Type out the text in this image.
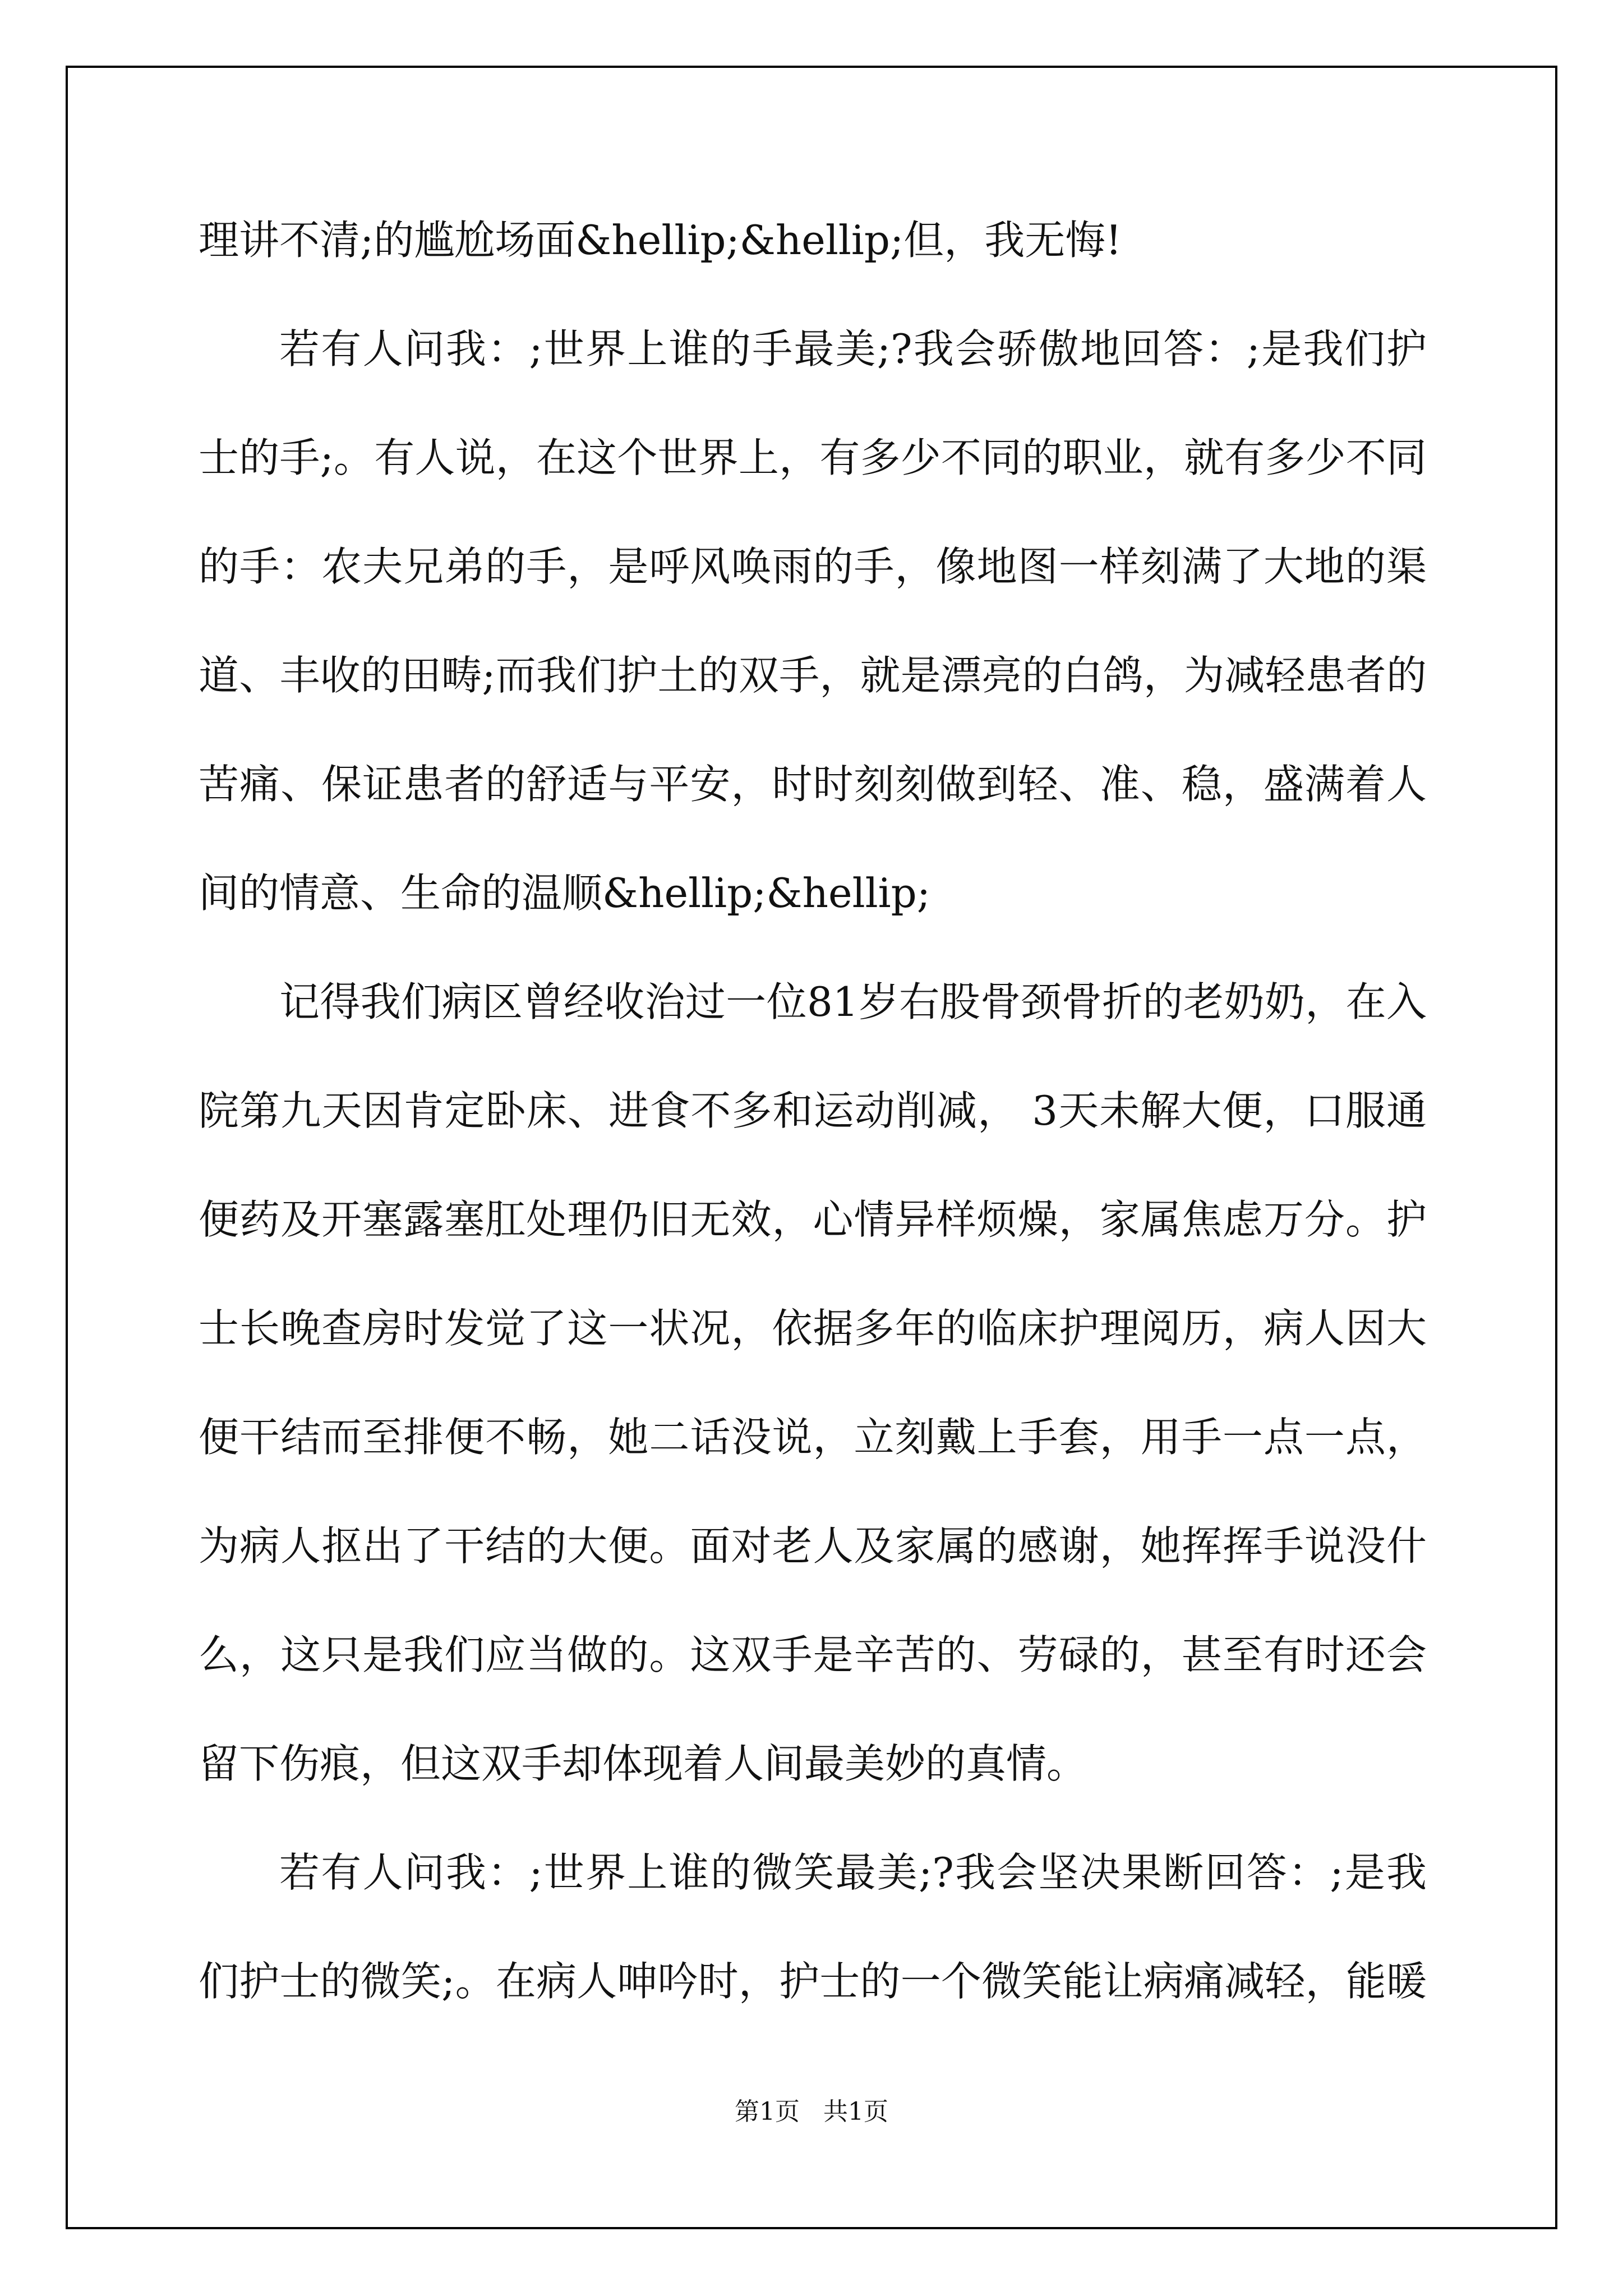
理讲不清;的尴尬场面&hellip;&hellip;但，我无悔!
若有人问我：;世界上谁的手最美;?我会骄傲地回答：;是我们护
士的手;。有人说，在这个世界上，有多少不同的职业，就有多少不同
的手：农夫兄弟的手，是呼风唤雨的手，像地图一样刻满了大地的渠
道、丰收的田畴;而我们护土的双手，就是漂亮的白鸽，为减轻患者的
苦痛、保证患者的舒适与平安，时时刻刻做到轻、准、稳，盛满着人
间的情意、生命的温顺&hellip;&hellip;
记得我们病区曾经收治过一位81岁右股骨颈骨折的老奶奶，在入
院第九天因肯定卧床、进食不多和运动削减， 3天未解大便，口服通
便药及开塞露塞肛处理仍旧无效，心情异样烦燥，家属焦虑万分。护
士长晚查房时发觉了这一状况，依据多年的临床护理阅历，病人因大
便干结而至排便不畅，她二话没说，立刻戴上手套，用手一点一点，
为病人抠出了干结的大便。面对老人及家属的感谢，她挥挥手说没什
么，这只是我们应当做的。这双手是辛苦的、劳碌的，甚至有时还会
留下伤痕，但这双手却体现着人间最美妙的真情。
若有人问我：;世界上谁的微笑最美;?我会坚决果断回答：;是我
们护士的微笑;。在病人呻吟时，护士的一个微笑能让病痛减轻，能暖
第1页 共1页
